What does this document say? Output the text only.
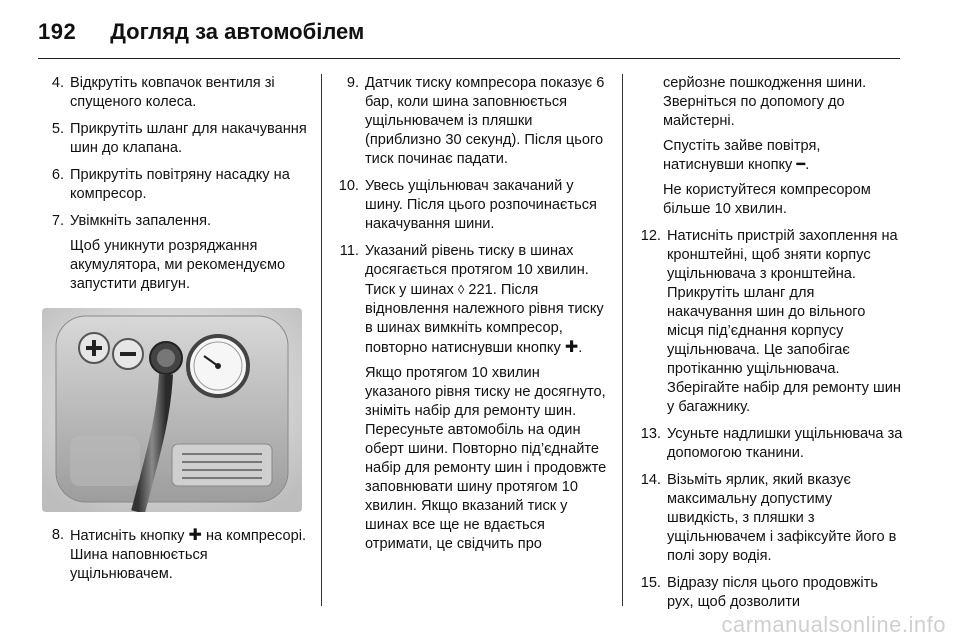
192 Догляд за автомобілем
4. Відкрутіть ковпачок вентиля зі спущеного колеса.
5. Прикрутіть шланг для накачування шин до клапана.
6. Прикрутіть повітряну насадку на компресор.
7. Увімкніть запалення.
Щоб уникнути розряджання акумулятора, ми рекомендуємо запустити двигун.
8. Натисніть кнопку ✚ на компресорі. Шина наповнюється ущільнювачем.
9. Датчик тиску компресора показує 6 бар, коли шина заповнюється ущільнювачем із пляшки (приблизно 30 секунд). Після цього тиск починає падати.
10. Увесь ущільнювач закачаний у шину. Після цього розпочинається накачування шини.
11. Указаний рівень тиску в шинах досягається протягом 10 хвилин. Тиск у шинах ◊ 221. Після відновлення належного рівня тиску в шинах вимкніть компресор, повторно натиснувши кнопку ✚.
Якщо протягом 10 хвилин указаного рівня тиску не досягнуто, зніміть набір для ремонту шин. Пересуньте автомобіль на один оберт шини. Повторно під’єднайте набір для ремонту шин і продовжте заповнювати шину протягом 10 хвилин. Якщо вказаний тиск у шинах все ще не вдається отримати, це свідчить про
серйозне пошкодження шини. Зверніться по допомогу до майстерні.
Спустіть зайве повітря, натиснувши кнопку ━.
Не користуйтеся компресором більше 10 хвилин.
12. Натисніть пристрій захоплення на кронштейні, щоб зняти корпус ущільнювача з кронштейна. Прикрутіть шланг для накачування шин до вільного місця під’єднання корпусу ущільнювача. Це запобігає протіканню ущільнювача. Зберігайте набір для ремонту шин у багажнику.
13. Усуньте надлишки ущільнювача за допомогою тканини.
14. Візьміть ярлик, який вказує максимальну допустиму швидкість, з пляшки з ущільнювачем і зафіксуйте його в полі зору водія.
15. Відразу після цього продовжіть рух, щоб дозволити
carmanualsonline.info
